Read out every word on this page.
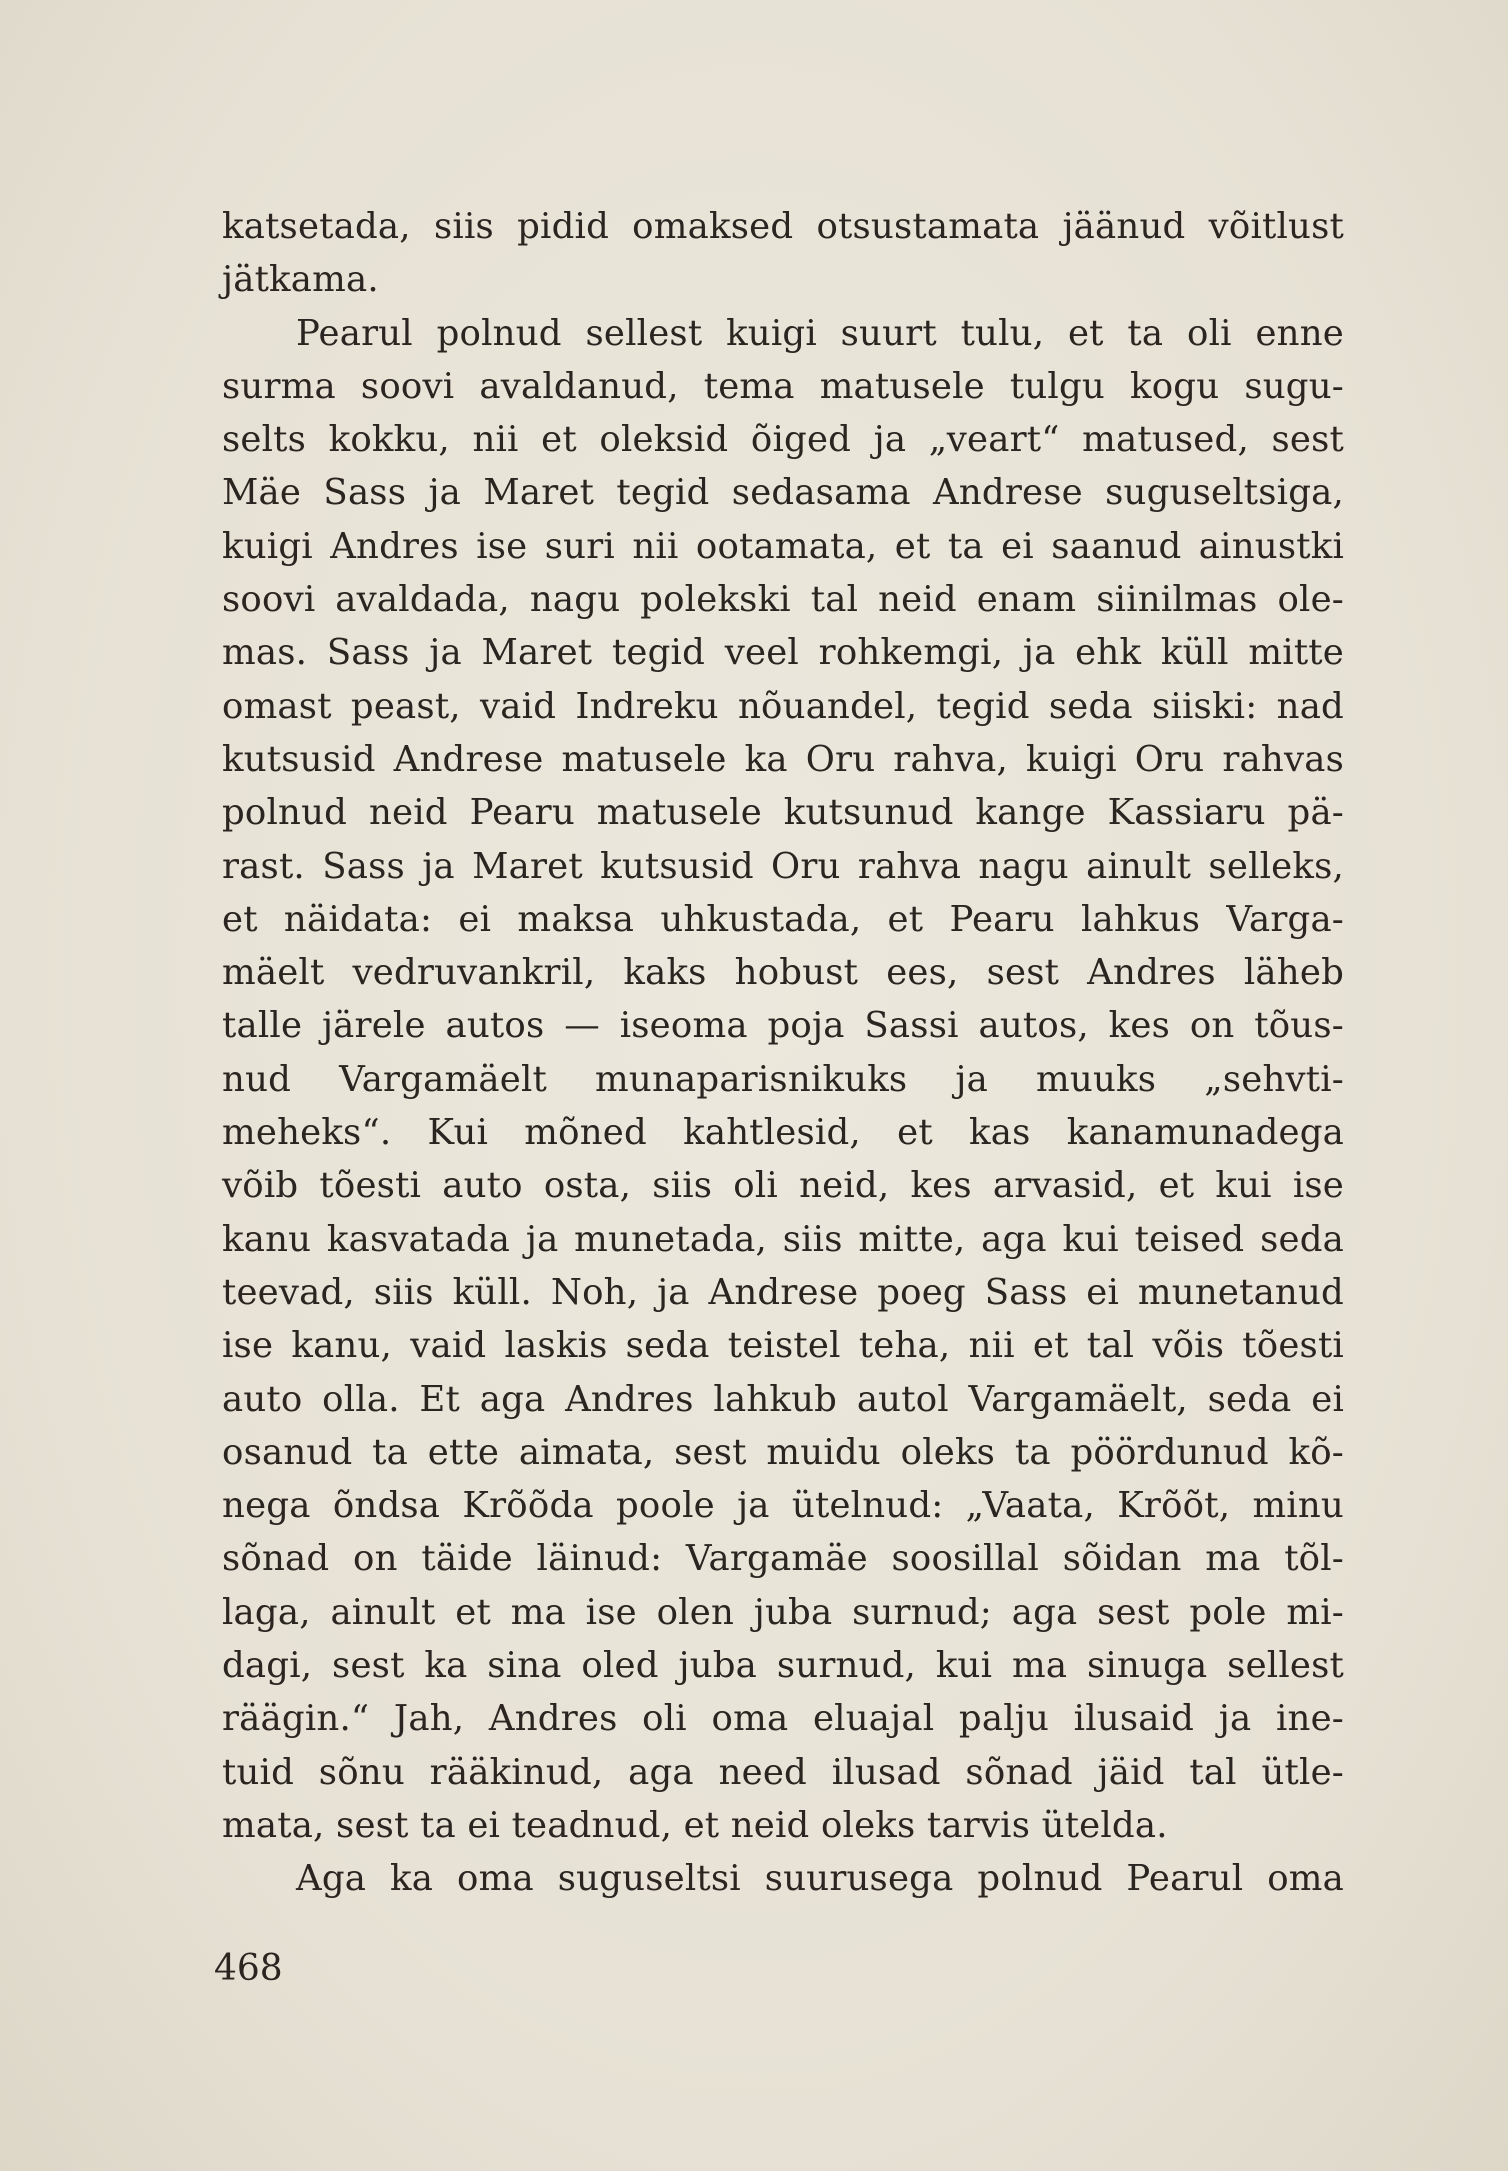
katsetada, siis pidid omaksed otsustamata jäänud võitlust
jätkama.
Pearul polnud sellest kuigi suurt tulu, et ta oli enne
surma soovi avaldanud, tema matusele tulgu kogu sugu-
selts kokku, nii et oleksid õiged ja „veart“ matused, sest
Mäe Sass ja Maret tegid sedasama Andrese suguseltsiga,
kuigi Andres ise suri nii ootamata, et ta ei saanud ainustki
soovi avaldada, nagu polekski tal neid enam siinilmas ole-
mas. Sass ja Maret tegid veel rohkemgi, ja ehk küll mitte
omast peast, vaid Indreku nõuandel, tegid seda siiski: nad
kutsusid Andrese matusele ka Oru rahva, kuigi Oru rahvas
polnud neid Pearu matusele kutsunud kange Kassiaru pä-
rast. Sass ja Maret kutsusid Oru rahva nagu ainult selleks,
et näidata: ei maksa uhkustada, et Pearu lahkus Varga-
mäelt vedruvankril, kaks hobust ees, sest Andres läheb
talle järele autos — iseoma poja Sassi autos, kes on tõus-
nud Vargamäelt munaparisnikuks ja muuks „sehvti-
meheks“. Kui mõned kahtlesid, et kas kanamunadega
võib tõesti auto osta, siis oli neid, kes arvasid, et kui ise
kanu kasvatada ja munetada, siis mitte, aga kui teised seda
teevad, siis küll. Noh, ja Andrese poeg Sass ei munetanud
ise kanu, vaid laskis seda teistel teha, nii et tal võis tõesti
auto olla. Et aga Andres lahkub autol Vargamäelt, seda ei
osanud ta ette aimata, sest muidu oleks ta pöördunud kõ-
nega õndsa Krõõda poole ja ütelnud: „Vaata, Krõõt, minu
sõnad on täide läinud: Vargamäe soosillal sõidan ma tõl-
laga, ainult et ma ise olen juba surnud; aga sest pole mi-
dagi, sest ka sina oled juba surnud, kui ma sinuga sellest
räägin.“ Jah, Andres oli oma eluajal palju ilusaid ja ine-
tuid sõnu rääkinud, aga need ilusad sõnad jäid tal ütle-
mata, sest ta ei teadnud, et neid oleks tarvis ütelda.
Aga ka oma suguseltsi suurusega polnud Pearul oma
468
